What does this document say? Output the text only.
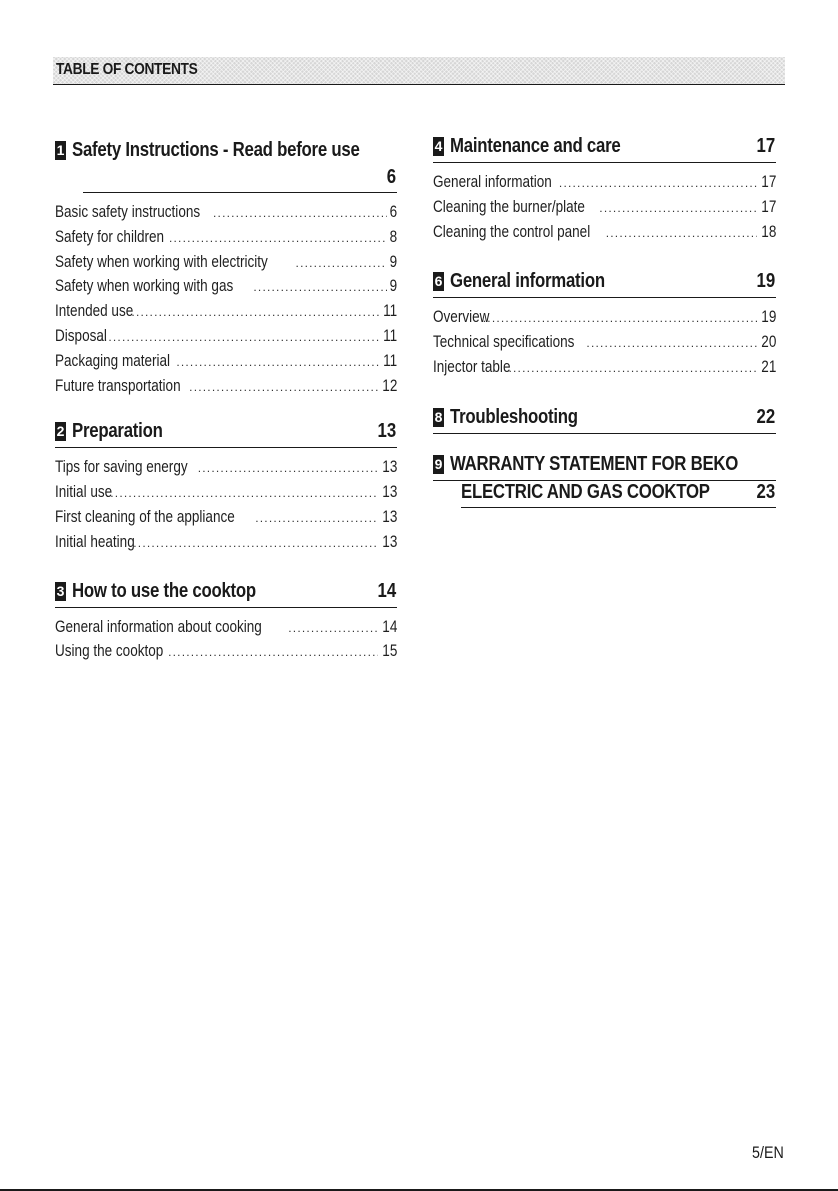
TABLE OF CONTENTS
1 Safety Instructions - Read before use
6
Basic safety instructions .....	6
Safety for children .....	8
Safety when working with electricity .....	9
Safety when working with gas .....	9
Intended use .....	11
Disposal .....	11
Packaging material .....	11
Future transportation .....	12
2 Preparation	13
Tips for saving energy .....	13
Initial use .....	13
First cleaning of the appliance .....	13
Initial heating .....	13
3 How to use the cooktop	14
General information about cooking .....	14
Using the cooktop .....	15
4 Maintenance and care	17
General information .....	17
Cleaning the burner/plate .....	17
Cleaning the control panel .....	18
6 General information	19
Overview .....	19
Technical specifications .....	20
Injector table .....	21
8 Troubleshooting	22
9 WARRANTY STATEMENT FOR BEKO
ELECTRIC AND GAS COOKTOP 23
5/EN
